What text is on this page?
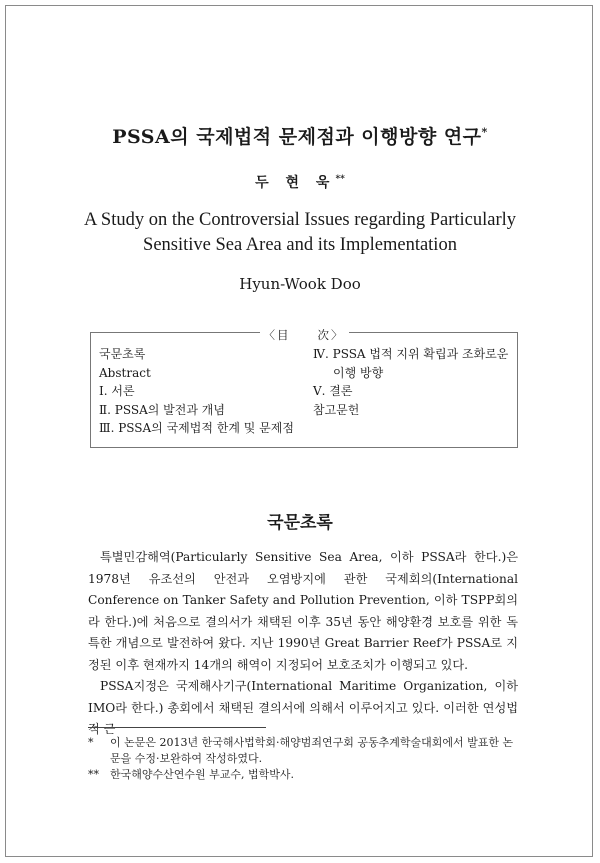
PSSA의 국제법적 문제점과 이행방향 연구*
두 현 욱**
A Study on the Controversial Issues regarding Particularly
Sensitive Sea Area and its Implementation
Hyun-Wook Doo
〈目　　次〉
국문초록
Abstract
Ⅰ. 서론
Ⅱ. PSSA의 발전과 개념
Ⅲ. PSSA의 국제법적 한계 및 문제점
Ⅳ. PSSA 법적 지위 확립과 조화로운 이행 방향
Ⅴ. 결론
참고문헌
국문초록

특별민감해역(Particularly Sensitive Sea Area, 이하 PSSA라 한다.)은 1978년 유조선의 안전과 오염방지에 관한 국제회의(International Conference on Tanker Safety and Pollution Prevention, 이하 TSPP회의라 한다.)에 처음으로 결의서가 채택된 이후 35년 동안 해양환경 보호를 위한 독특한 개념으로 발전하여 왔다. 지난 1990년 Great Barrier Reef가 PSSA로 지정된 이후 현재까지 14개의 해역이 지정되어 보호조치가 이행되고 있다.

PSSA지정은 국제해사기구(International Maritime Organization, 이하 IMO라 한다.) 총회에서 채택된 결의서에 의해서 이루어지고 있다. 이러한 연성법적 근

* 이 논문은 2013년 한국해사법학회·해양범죄연구회 공동추계학술대회에서 발표한 논문을 수정·보완하여 작성하였다.
** 한국해양수산연수원 부교수, 법학박사.
